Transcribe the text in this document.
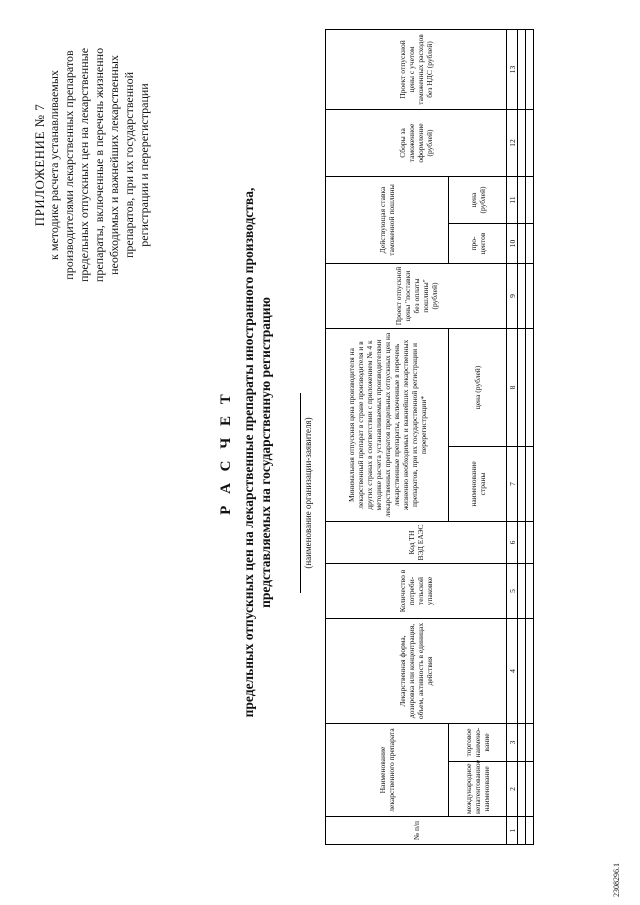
ПРИЛОЖЕНИЕ № 7 к методике расчета устанавливаемых производителями лекарственных препаратов предельных отпускных цен на лекарственные препараты, включенные в перечень жизненно необходимых и важнейших лекарственных препаратов, при их государственной регистрации и перерегистрации
Р А С Ч Е Т предельных отпускных цен на лекарственные препараты иностранного производства, представляемых на государственную регистрацию	(наименование организации-заявителя)
№ п/п	Наименование лекарственного препарата		Лекарственная форма, дозировка или концентрация, объем, активность в единицах действия	Количество в потреби-тельской упаковке	Код ТН ВЭД ЕАЭС	Минимальная отпускная цена производителя на лекарственный препарат в стране производителя и в других странах в соответствии с приложением № 4 к методике расчета устанавливаемых производителями лекарственных препаратов предельных отпускных цен на лекарственные препараты, включенные в перечень жизненно необходимых и важнейших лекарственных препаратов, при их государственной регистрации и перерегистрации*		Проект отпускной цены "поставки без оплаты пошлины" (рублей)	Действующая ставка таможенной пошлины		Сборы за таможенное оформление (рублей)	Проект отпускной цены с учетом таможенных расходов без НДС (рублей)
	международное непатентованное наименование	торговое наимено-вание				наименование страны	цена (рублей)		про-центов	цена (рублей)		
1	2	3	4	5	6	7	8	9	10	11	12	13

2308296.1
